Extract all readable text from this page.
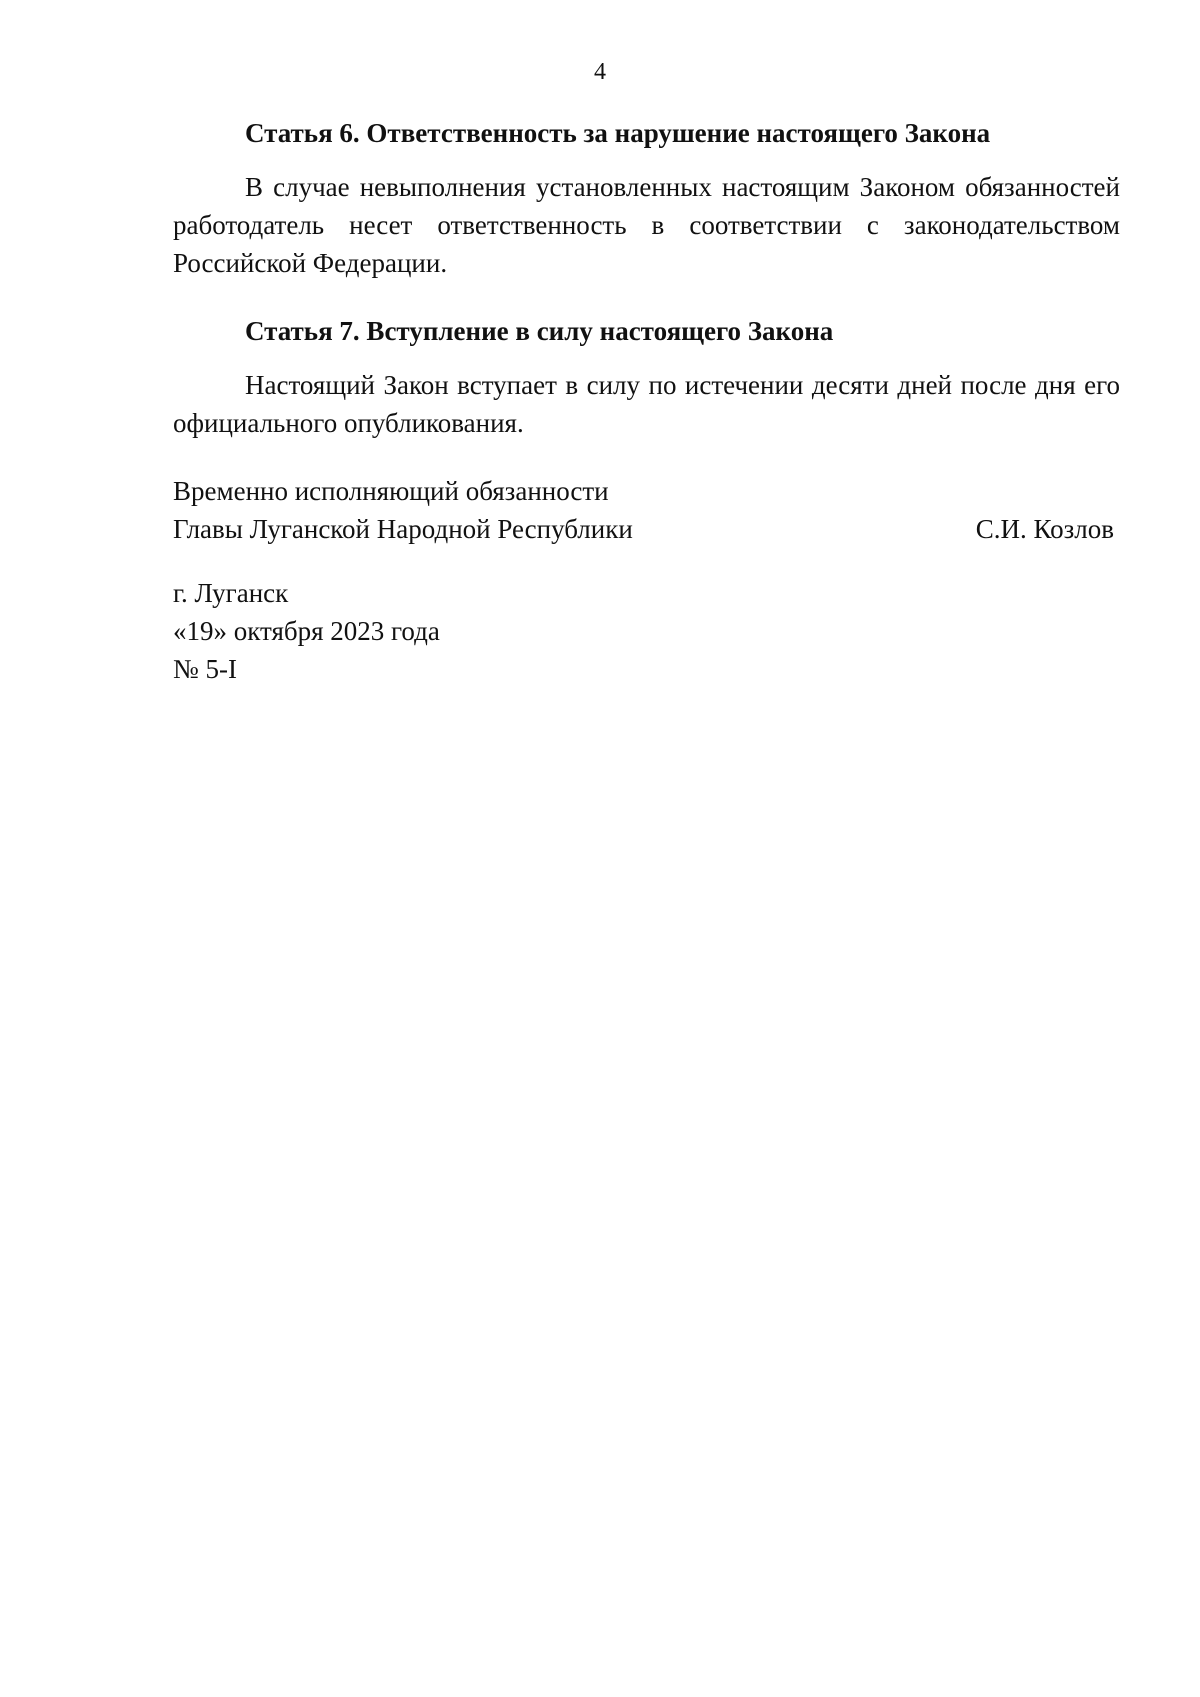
4

Статья 6. Ответственность за нарушение настоящего Закона

В случае невыполнения установленных настоящим Законом обязанностей работодатель несет ответственность в соответствии с законодательством Российской Федерации.

Статья 7. Вступление в силу настоящего Закона

Настоящий Закон вступает в силу по истечении десяти дней после дня его официального опубликования.

Временно исполняющий обязанности
Главы Луганской Народной Республики	С.И. Козлов
г. Луганск
«19» октября 2023 года
№ 5-I
